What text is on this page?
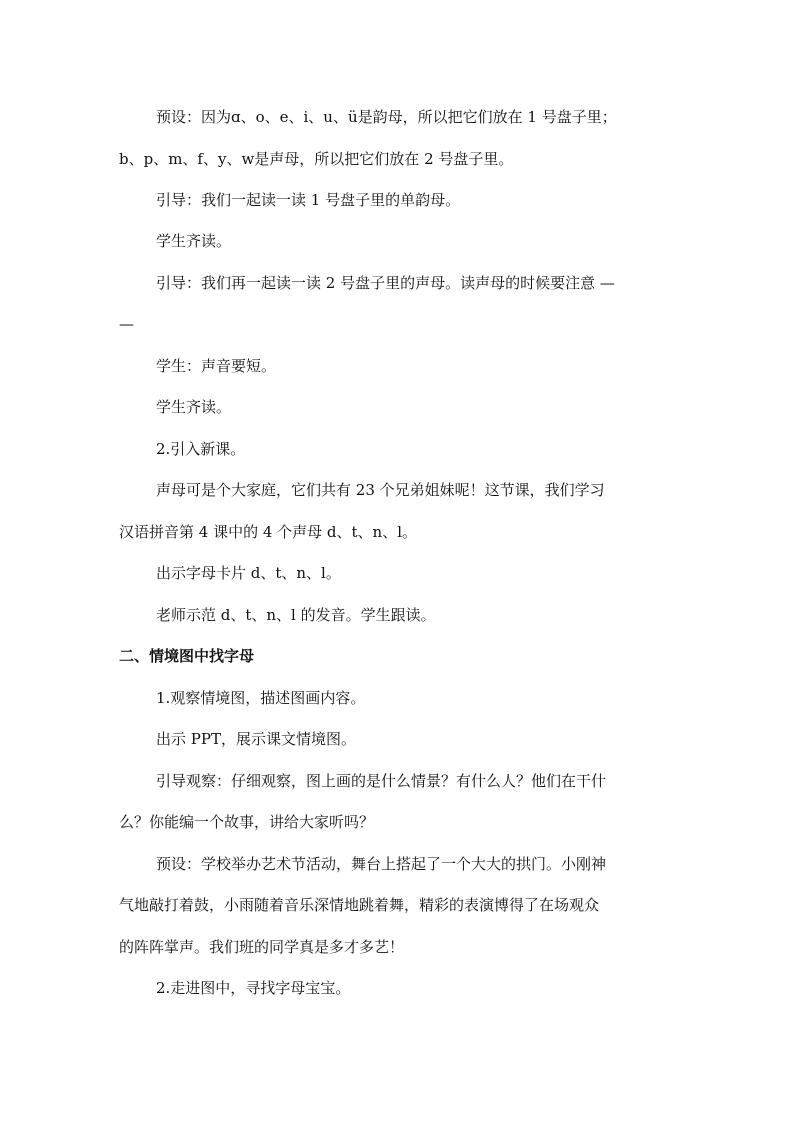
预设：因为ɑ、o、e、i、u、ü是韵母，所以把它们放在 1 号盘子里；
b、p、m、f、y、w是声母，所以把它们放在 2 号盘子里。
引导：我们一起读一读 1 号盘子里的单韵母。
学生齐读。
引导：我们再一起读一读 2 号盘子里的声母。读声母的时候要注意 —
—
学生：声音要短。
学生齐读。
2.引入新课。
声母可是个大家庭，它们共有 23 个兄弟姐妹呢！这节课，我们学习
汉语拼音第 4 课中的 4 个声母 d、t、n、l。
出示字母卡片 d、t、n、l。
老师示范 d、t、n、l 的发音。学生跟读。
二、情境图中找字母
1.观察情境图，描述图画内容。
出示 PPT，展示课文情境图。
引导观察：仔细观察，图上画的是什么情景？有什么人？他们在干什
么？你能编一个故事，讲给大家听吗？
预设：学校举办艺术节活动，舞台上搭起了一个大大的拱门。小刚神
气地敲打着鼓，小雨随着音乐深情地跳着舞，精彩的表演博得了在场观众
的阵阵掌声。我们班的同学真是多才多艺！
2.走进图中，寻找字母宝宝。
